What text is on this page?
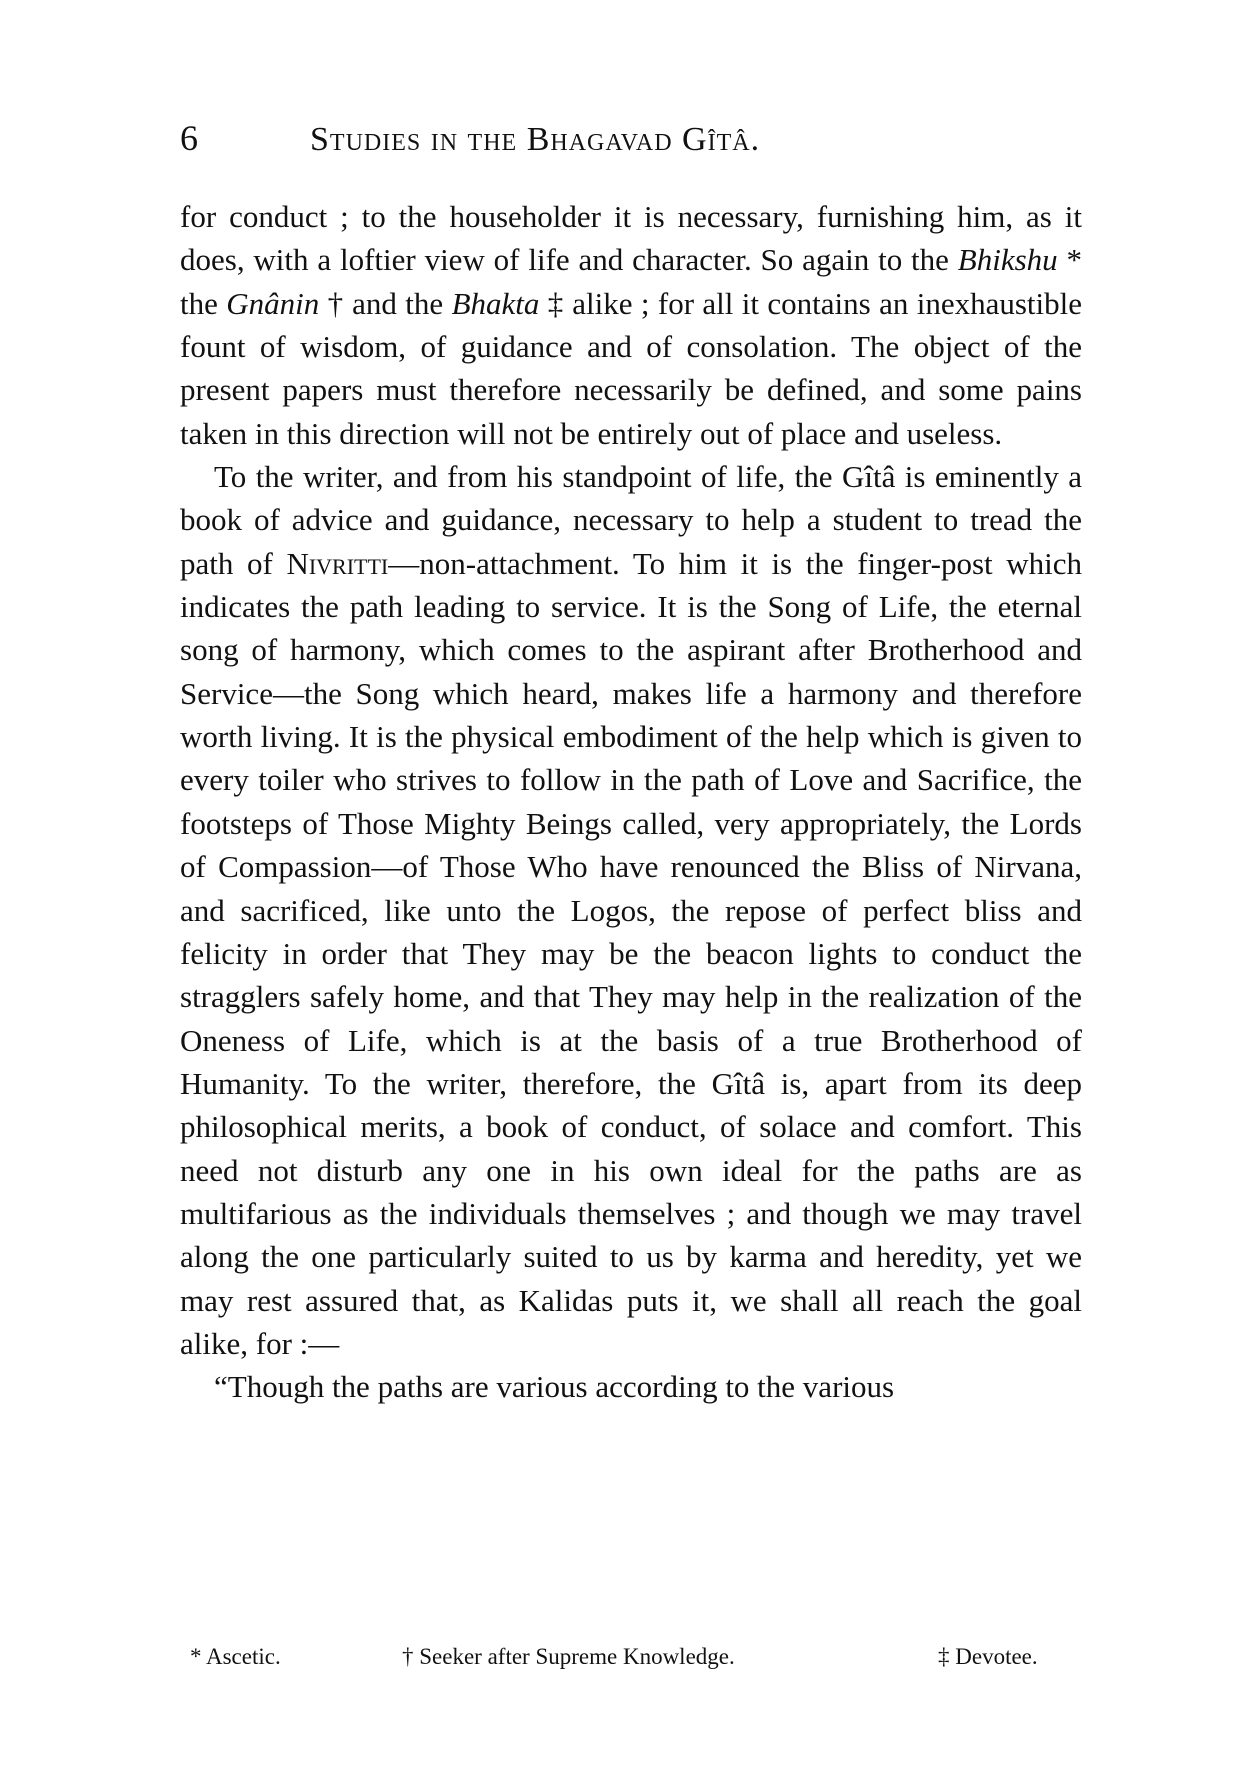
6	Studies in the Bhagavad Gîtâ.

for conduct ; to the householder it is necessary, furnishing him, as it does, with a loftier view of life and character. So again to the Bhikshu * the Gnânin † and the Bhakta ‡ alike ; for all it contains an inexhaustible fount of wisdom, of guidance and of consolation. The object of the present papers must therefore necessarily be defined, and some pains taken in this direction will not be entirely out of place and useless.

To the writer, and from his standpoint of life, the Gîtâ is eminently a book of advice and guidance, necessary to help a student to tread the path of Nivritti—non-attachment. To him it is the finger-post which indicates the path leading to service. It is the Song of Life, the eternal song of harmony, which comes to the aspirant after Brotherhood and Service—the Song which heard, makes life a harmony and therefore worth living. It is the physical embodiment of the help which is given to every toiler who strives to follow in the path of Love and Sacrifice, the footsteps of Those Mighty Beings called, very appropriately, the Lords of Compassion—of Those Who have renounced the Bliss of Nirvana, and sacrificed, like unto the Logos, the repose of perfect bliss and felicity in order that They may be the beacon lights to conduct the stragglers safely home, and that They may help in the realization of the Oneness of Life, which is at the basis of a true Brotherhood of Humanity. To the writer, therefore, the Gîtâ is, apart from its deep philosophical merits, a book of conduct, of solace and comfort. This need not disturb any one in his own ideal for the paths are as multifarious as the individuals themselves ; and though we may travel along the one particularly suited to us by karma and heredity, yet we may rest assured that, as Kalidas puts it, we shall all reach the goal alike, for :—

“Though the paths are various according to the various

* Ascetic.	† Seeker after Supreme Knowledge.	‡ Devotee.
